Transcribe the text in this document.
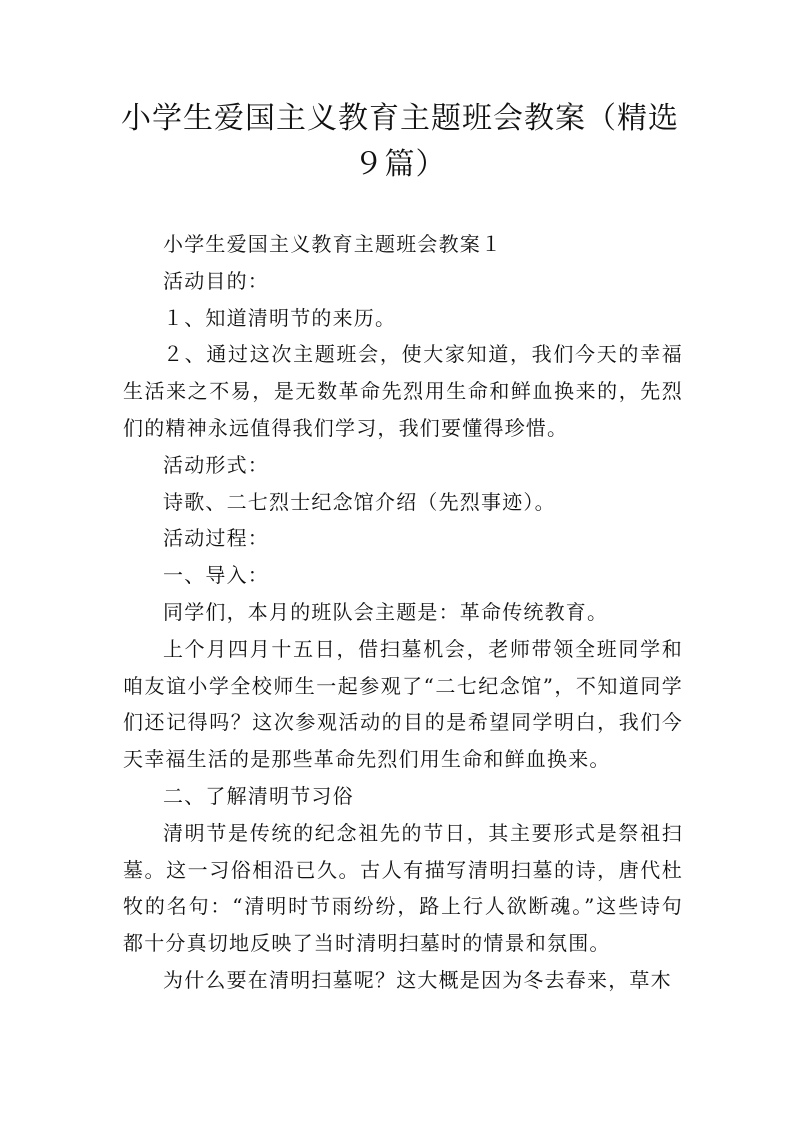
小学生爱国主义教育主题班会教案（精选９篇）

小学生爱国主义教育主题班会教案１

活动目的：

１、知道清明节的来历。

２、通过这次主题班会，使大家知道，我们今天的幸福生活来之不易，是无数革命先烈用生命和鲜血换来的，先烈们的精神永远值得我们学习，我们要懂得珍惜。

活动形式：

诗歌、二七烈士纪念馆介绍（先烈事迹）。

活动过程：

一、导入：

同学们，本月的班队会主题是：革命传统教育。

上个月四月十五日，借扫墓机会，老师带领全班同学和咱友谊小学全校师生一起参观了“二七纪念馆”，不知道同学们还记得吗？这次参观活动的目的是希望同学明白，我们今天幸福生活的是那些革命先烈们用生命和鲜血换来。

二、了解清明节习俗

清明节是传统的纪念祖先的节日，其主要形式是祭祖扫墓。这一习俗相沿已久。古人有描写清明扫墓的诗，唐代杜牧的名句：“清明时节雨纷纷，路上行人欲断魂。”这些诗句都十分真切地反映了当时清明扫墓时的情景和氛围。

为什么要在清明扫墓呢？这大概是因为冬去春来，草木
